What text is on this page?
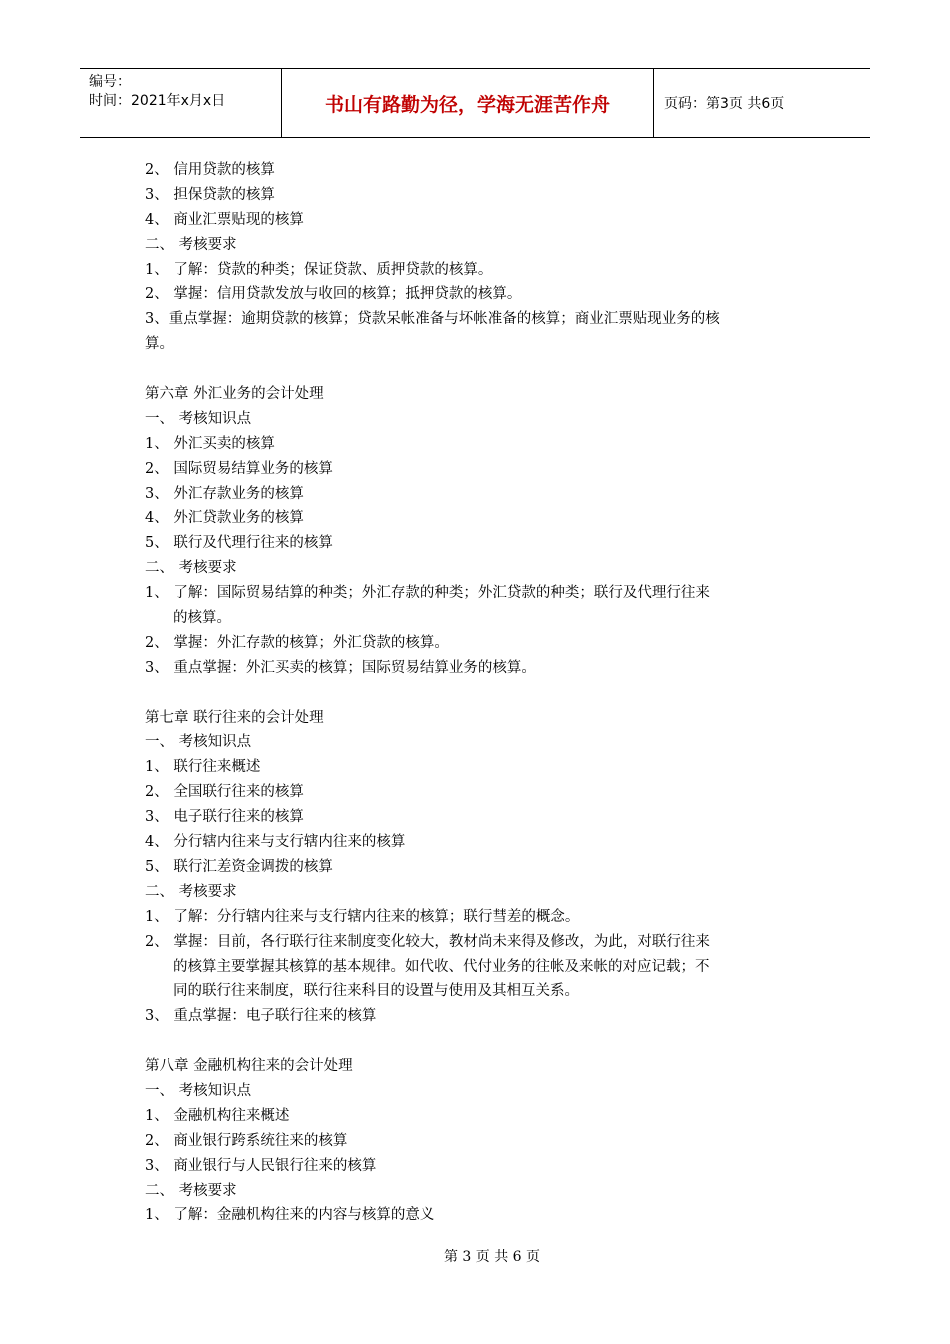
编号：
时间：2021年x月x日	书山有路勤为径，学海无涯苦作舟	页码：第3页 共6页
2、 信用贷款的核算
3、 担保贷款的核算
4、 商业汇票贴现的核算
二、 考核要求
1、 了解：贷款的种类；保证贷款、质押贷款的核算。
2、 掌握：信用贷款发放与收回的核算；抵押贷款的核算。
3、重点掌握：逾期贷款的核算；贷款呆帐准备与坏帐准备的核算；商业汇票贴现业务的核
算。
第六章 外汇业务的会计处理
一、 考核知识点
1、 外汇买卖的核算
2、 国际贸易结算业务的核算
3、 外汇存款业务的核算
4、 外汇贷款业务的核算
5、 联行及代理行往来的核算
二、 考核要求
1、 了解：国际贸易结算的种类；外汇存款的种类；外汇贷款的种类；联行及代理行往来
的核算。
2、 掌握：外汇存款的核算；外汇贷款的核算。
3、 重点掌握：外汇买卖的核算；国际贸易结算业务的核算。
第七章 联行往来的会计处理
一、 考核知识点
1、 联行往来概述
2、 全国联行往来的核算
3、 电子联行往来的核算
4、 分行辖内往来与支行辖内往来的核算
5、 联行汇差资金调拨的核算
二、 考核要求
1、 了解：分行辖内往来与支行辖内往来的核算；联行彗差的概念。
2、 掌握：目前，各行联行往来制度变化较大，教材尚未来得及修改，为此，对联行往来
的核算主要掌握其核算的基本规律。如代收、代付业务的往帐及来帐的对应记载；不
同的联行往来制度，联行往来科目的设置与使用及其相互关系。
3、 重点掌握：电子联行往来的核算
第八章 金融机构往来的会计处理
一、 考核知识点
1、 金融机构往来概述
2、 商业银行跨系统往来的核算
3、 商业银行与人民银行往来的核算
二、 考核要求
1、 了解：金融机构往来的内容与核算的意义
第 3 页 共 6 页
